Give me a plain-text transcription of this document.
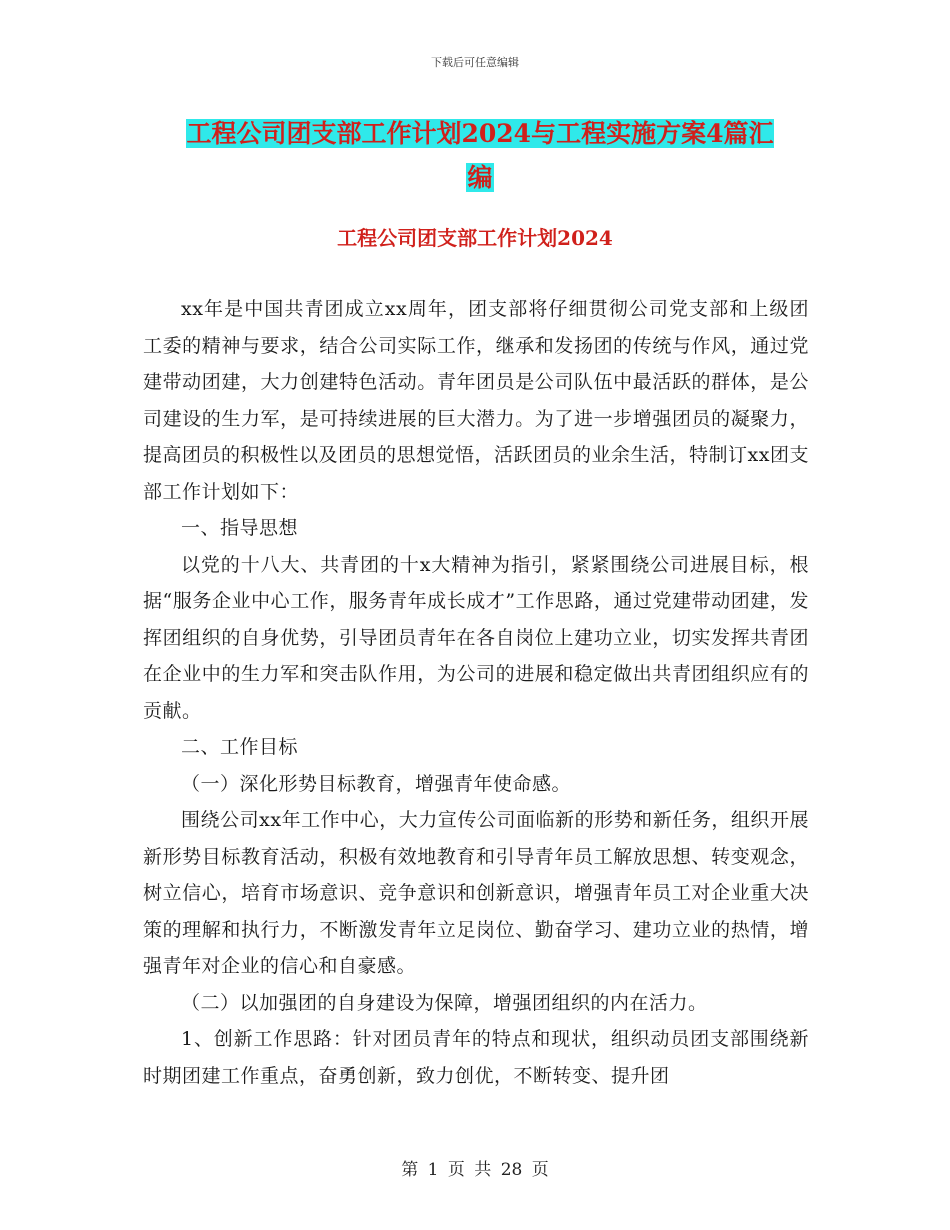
下载后可任意编辑
工程公司团支部工作计划2024与工程实施方案4篇汇
编
工程公司团支部工作计划2024

xx年是中国共青团成立xx周年，团支部将仔细贯彻公司党支部和上级团工委的精神与要求，结合公司实际工作，继承和发扬团的传统与作风，通过党建带动团建，大力创建特色活动。青年团员是公司队伍中最活跃的群体，是公司建设的生力军，是可持续进展的巨大潜力。为了进一步增强团员的凝聚力，提高团员的积极性以及团员的思想觉悟，活跃团员的业余生活，特制订xx团支部工作计划如下：

一、指导思想

以党的十八大、共青团的十x大精神为指引，紧紧围绕公司进展目标，根据“服务企业中心工作，服务青年成长成才”工作思路，通过党建带动团建，发挥团组织的自身优势，引导团员青年在各自岗位上建功立业，切实发挥共青团在企业中的生力军和突击队作用，为公司的进展和稳定做出共青团组织应有的贡献。

二、工作目标

（一）深化形势目标教育，增强青年使命感。

围绕公司xx年工作中心，大力宣传公司面临新的形势和新任务，组织开展新形势目标教育活动，积极有效地教育和引导青年员工解放思想、转变观念，树立信心，培育市场意识、竞争意识和创新意识，增强青年员工对企业重大决策的理解和执行力，不断激发青年立足岗位、勤奋学习、建功立业的热情，增强青年对企业的信心和自豪感。

（二）以加强团的自身建设为保障，增强团组织的内在活力。

1、创新工作思路：针对团员青年的特点和现状，组织动员团支部围绕新时期团建工作重点，奋勇创新，致力创优，不断转变、提升团

第 1 页 共 28 页
